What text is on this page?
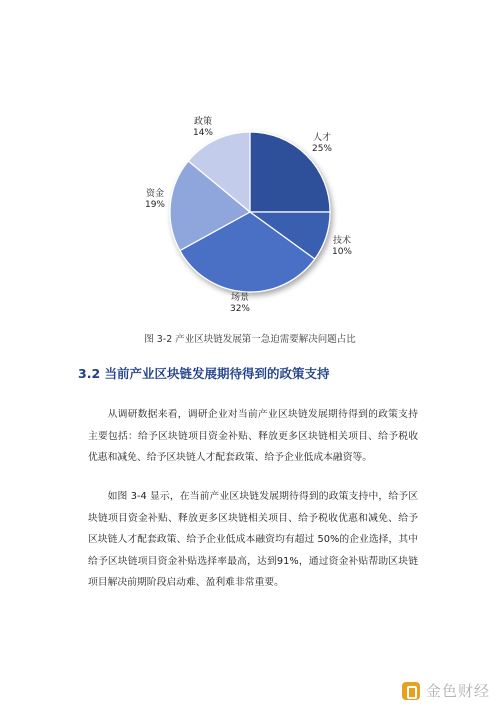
人才
25%
技术
10%
场景
32%
资金
19%
政策
14%
图 3-2 产业区块链发展第一急迫需要解决问题占比
3.2 当前产业区块链发展期待得到的政策支持
从调研数据来看，调研企业对当前产业区块链发展期待得到的政策支持主要包括：给予区块链项目资金补贴、释放更多区块链相关项目、给予税收优惠和减免、给予区块链人才配套政策、给予企业低成本融资等。
如图 3-4 显示，在当前产业区块链发展期待得到的政策支持中，给予区块链项目资金补贴、释放更多区块链相关项目、给予税收优惠和减免、给予区块链人才配套政策、给予企业低成本融资均有超过 50%的企业选择，其中给予区块链项目资金补贴选择率最高，达到91%，通过资金补贴帮助区块链项目解决前期阶段启动难、盈利难非常重要。
金色财经
